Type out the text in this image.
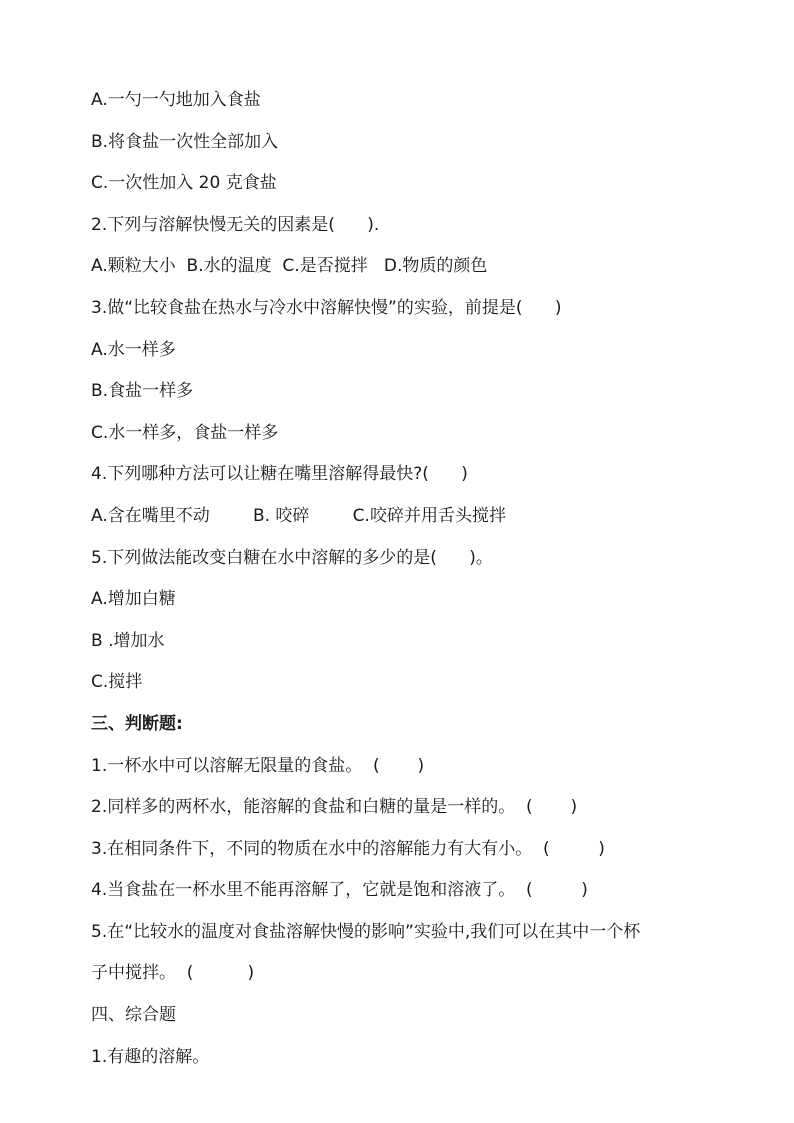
A.一勺一勺地加入食盐
B.将食盐一次性全部加入
C.一次性加入 20 克食盐
2.下列与溶解快慢无关的因素是(      ).
A.颗粒大小  B.水的温度  C.是否搅拌   D.物质的颜色
3.做“比较食盐在热水与冷水中溶解快慢”的实验，前提是(      )
A.水一样多
B.食盐一样多
C.水一样多，食盐一样多
4.下列哪种方法可以让糖在嘴里溶解得最快?(      )
A.含在嘴里不动        B. 咬碎        C.咬碎并用舌头搅拌
5.下列做法能改变白糖在水中溶解的多少的是(      )。
A.增加白糖
B .增加水
C.搅拌
三、判断题:
1.一杯水中可以溶解无限量的食盐。  (       )
2.同样多的两杯水，能溶解的食盐和白糖的量是一样的。  (       )
3.在相同条件下，不同的物质在水中的溶解能力有大有小。  (         )
4.当食盐在一杯水里不能再溶解了，它就是饱和溶液了。  (         )
5.在“比较水的温度对食盐溶解快慢的影响”实验中,我们可以在其中一个杯
子中搅拌。  (          )
四、综合题
1.有趣的溶解。
